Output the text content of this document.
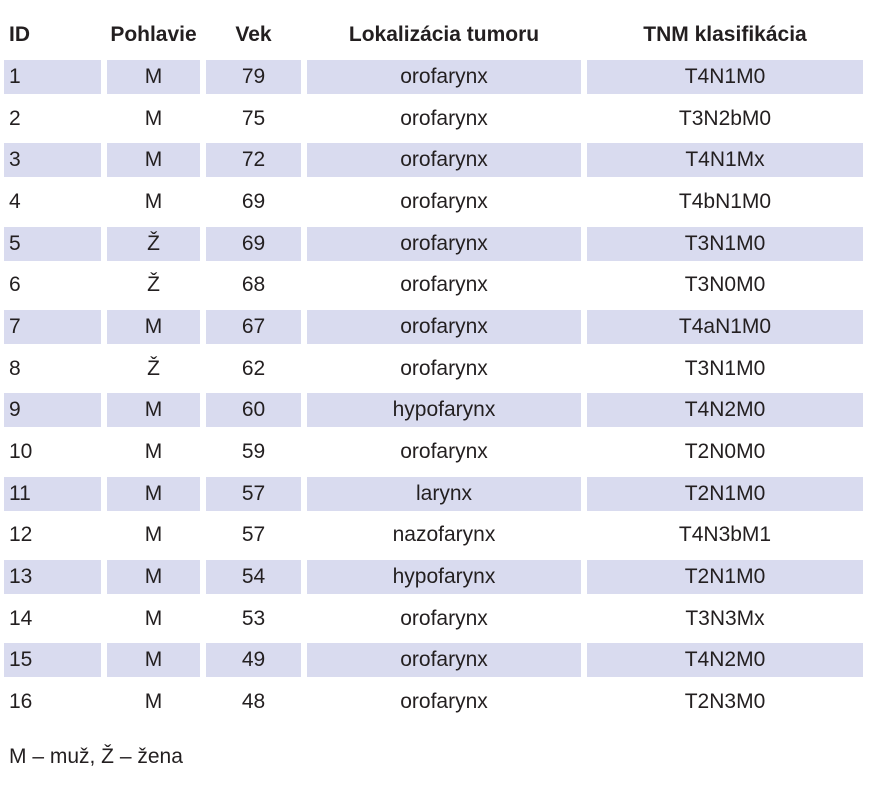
ID	Pohlavie	Vek	Lokalizácia tumoru	TNM klasifikácia
1	M	79	orofarynx	T4N1M0
2	M	75	orofarynx	T3N2bM0
3	M	72	orofarynx	T4N1Mx
4	M	69	orofarynx	T4bN1M0
5	Ž	69	orofarynx	T3N1M0
6	Ž	68	orofarynx	T3N0M0
7	M	67	orofarynx	T4aN1M0
8	Ž	62	orofarynx	T3N1M0
9	M	60	hypofarynx	T4N2M0
10	M	59	orofarynx	T2N0M0
11	M	57	larynx	T2N1M0
12	M	57	nazofarynx	T4N3bM1
13	M	54	hypofarynx	T2N1M0
14	M	53	orofarynx	T3N3Mx
15	M	49	orofarynx	T4N2M0
16	M	48	orofarynx	T2N3M0
M – muž, Ž – žena
